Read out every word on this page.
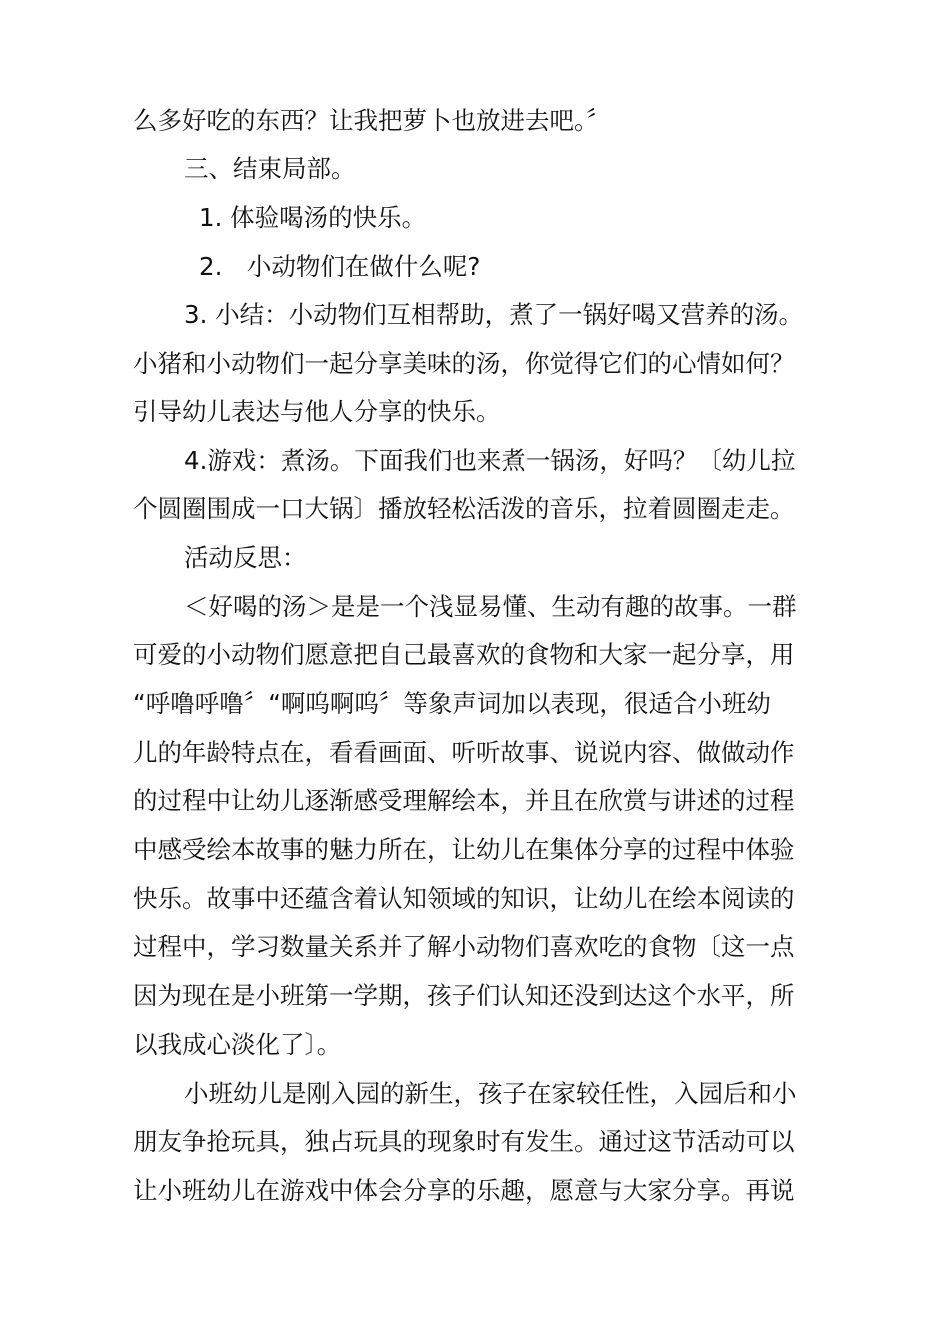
么多好吃的东西？让我把萝卜也放进去吧。〞

三、结束局部。

1. 体验喝汤的快乐。

2.　小动物们在做什么呢?

3. 小结：小动物们互相帮助，煮了一锅好喝又营养的汤。

小猪和小动物们一起分享美味的汤，你觉得它们的心情如何？

引导幼儿表达与他人分享的快乐。

4.游戏：煮汤。下面我们也来煮一锅汤，好吗？〔幼儿拉

个圆圈围成一口大锅〕播放轻松活泼的音乐，拉着圆圈走走。

活动反思：

＜好喝的汤＞是是一个浅显易懂、生动有趣的故事。一群

可爱的小动物们愿意把自己最喜欢的食物和大家一起分享，用

“呼噜呼噜〞“啊呜啊呜〞等象声词加以表现，很适合小班幼

儿的年龄特点在，看看画面、听听故事、说说内容、做做动作

的过程中让幼儿逐渐感受理解绘本，并且在欣赏与讲述的过程

中感受绘本故事的魅力所在，让幼儿在集体分享的过程中体验

快乐。故事中还蕴含着认知领域的知识，让幼儿在绘本阅读的

过程中，学习数量关系并了解小动物们喜欢吃的食物〔这一点

因为现在是小班第一学期，孩子们认知还没到达这个水平，所

以我成心淡化了〕。

小班幼儿是刚入园的新生，孩子在家较任性，入园后和小

朋友争抢玩具，独占玩具的现象时有发生。通过这节活动可以

让小班幼儿在游戏中体会分享的乐趣，愿意与大家分享。再说
